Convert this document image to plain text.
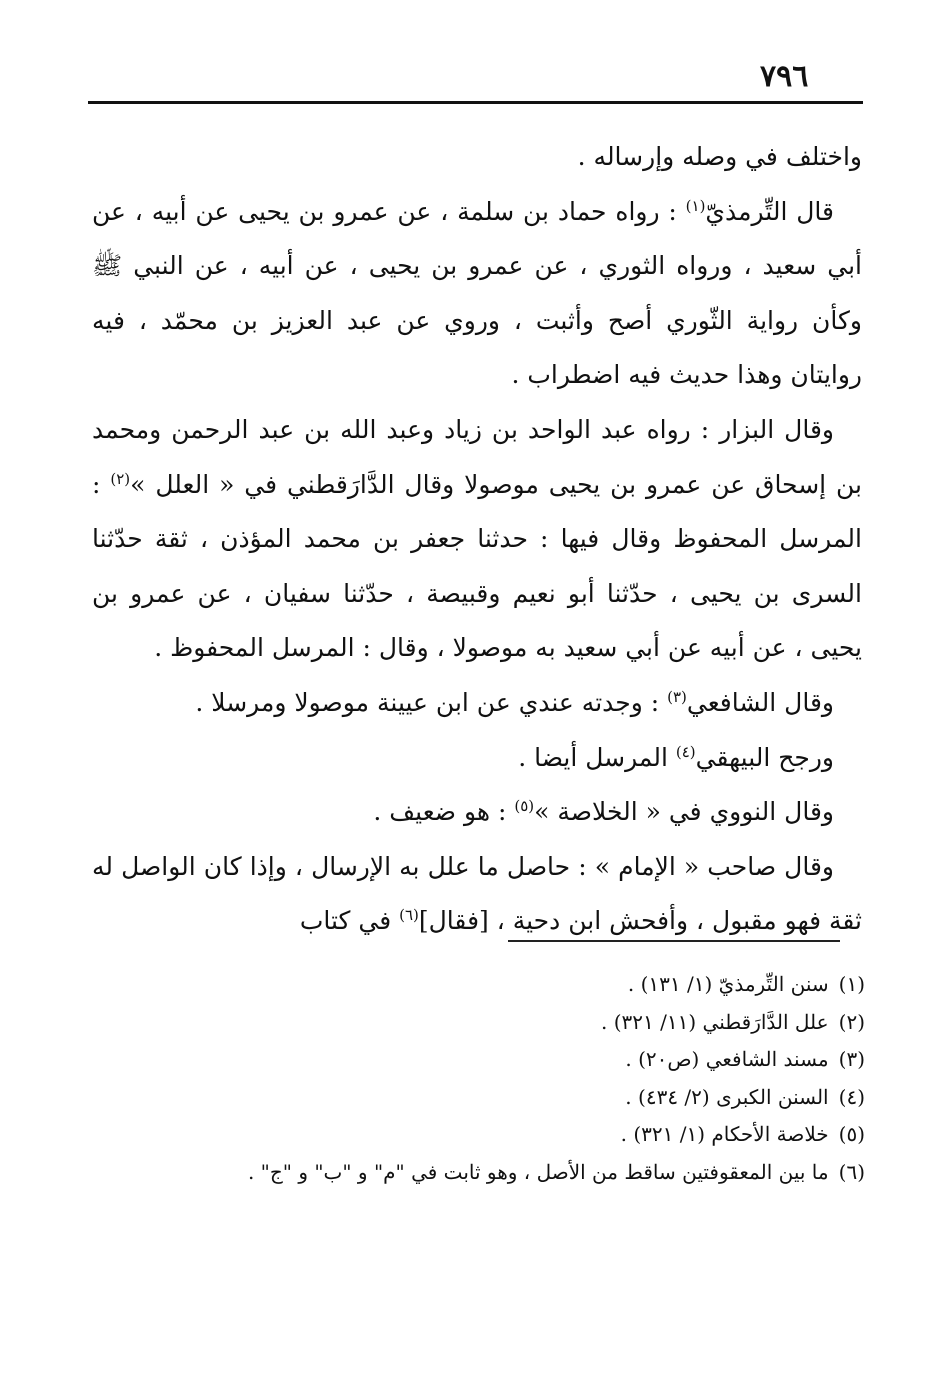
٧٩٦

واختلف في وصله وإرساله .

قال التِّرمذيّ$^{(١)}$ : رواه حماد بن سلمة ، عن عمرو بن يحيى عن أبيه ، عن أبي سعيد ، ورواه الثوري ، عن عمرو بن يحيى ، عن أبيه ، عن النبي ﷺ وكأن رواية الثّوري أصح وأثبت ، وروي عن عبد العزيز بن محمّد ، فيه روايتان وهذا حديث فيه اضطراب .

وقال البزار : رواه عبد الواحد بن زياد وعبد الله بن عبد الرحمن ومحمد بن إسحاق عن عمرو بن يحيى موصولا وقال الدَّارَقطني في « العلل »$^{(٢)}$ : المرسل المحفوظ وقال فيها : حدثنا جعفر بن محمد المؤذن ، ثقة حدّثنا السرى بن يحيى ، حدّثنا أبو نعيم وقبيصة ، حدّثنا سفيان ، عن عمرو بن يحيى ، عن أبيه عن أبي سعيد به موصولا ، وقال : المرسل المحفوظ .

وقال الشافعي$^{(٣)}$ : وجدته عندي عن ابن عيينة موصولا ومرسلا .

ورجح البيهقي$^{(٤)}$ المرسل أيضا .

وقال النووي في « الخلاصة »$^{(٥)}$ : هو ضعيف .

وقال صاحب « الإمام » : حاصل ما علل به الإرسال ، وإذا كان الواصل له ثقة فهو مقبول ، وأفحش ابن دحية ، [فقال]$^{(٦)}$ في كتاب

(١)سنن التِّرمذيّ (١/ ١٣١) .
(٢)علل الدَّارَقطني (١١/ ٣٢١) .
(٣)مسند الشافعي (ص٢٠) .
(٤)السنن الكبرى (٢/ ٤٣٤) .
(٥)خلاصة الأحكام (١/ ٣٢١) .
(٦)ما بين المعقوفتين ساقط من الأصل ، وهو ثابت في "م" و "ب" و "ج" .
